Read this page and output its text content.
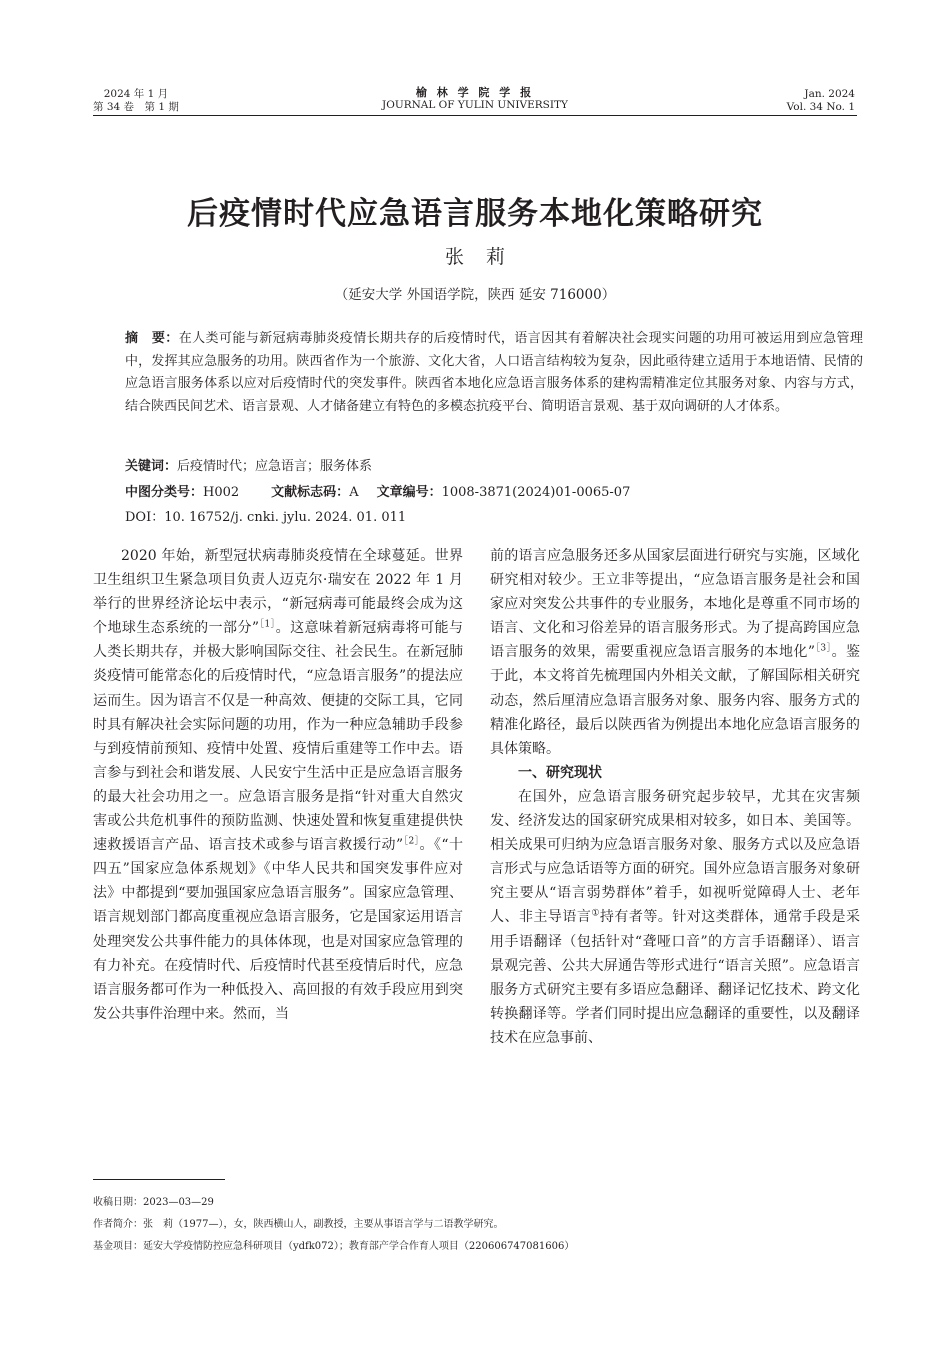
2024 年 1 月
第 34 卷　第 1 期
榆 林 学 院 学 报
JOURNAL OF YULIN UNIVERSITY
Jan. 2024
Vol. 34 No. 1
后疫情时代应急语言服务本地化策略研究
张莉
（延安大学 外国语学院，陕西 延安 716000）
摘　要：在人类可能与新冠病毒肺炎疫情长期共存的后疫情时代，语言因其有着解决社会现实问题的功用可被运用到应急管理中，发挥其应急服务的功用。陕西省作为一个旅游、文化大省，人口语言结构较为复杂，因此亟待建立适用于本地语情、民情的应急语言服务体系以应对后疫情时代的突发事件。陕西省本地化应急语言服务体系的建构需精准定位其服务对象、内容与方式，结合陕西民间艺术、语言景观、人才储备建立有特色的多模态抗疫平台、简明语言景观、基于双向调研的人才体系。
关键词：后疫情时代；应急语言；服务体系
中图分类号：H002 文献标志码：A 文章编号：1008-3871(2024)01-0065-07
DOI：10. 16752/j. cnki. jylu. 2024. 01. 011

2020 年始，新型冠状病毒肺炎疫情在全球蔓延。世界卫生组织卫生紧急项目负责人迈克尔·瑞安在 2022 年 1 月举行的世界经济论坛中表示，“新冠病毒可能最终会成为这个地球生态系统的一部分”$^{[1]}$。这意味着新冠病毒将可能与人类长期共存，并极大影响国际交往、社会民生。在新冠肺炎疫情可能常态化的后疫情时代，“应急语言服务”的提法应运而生。因为语言不仅是一种高效、便捷的交际工具，它同时具有解决社会实际问题的功用，作为一种应急辅助手段参与到疫情前预知、疫情中处置、疫情后重建等工作中去。语言参与到社会和谐发展、人民安宁生活中正是应急语言服务的最大社会功用之一。应急语言服务是指“针对重大自然灾害或公共危机事件的预防监测、快速处置和恢复重建提供快速救援语言产品、语言技术或参与语言救援行动”$^{[2]}$。《“十四五”国家应急体系规划》《中华人民共和国突发事件应对法》中都提到“要加强国家应急语言服务”。国家应急管理、语言规划部门都高度重视应急语言服务，它是国家运用语言处理突发公共事件能力的具体体现，也是对国家应急管理的有力补充。在疫情时代、后疫情时代甚至疫情后时代，应急语言服务都可作为一种低投入、高回报的有效手段应用到突发公共事件治理中来。然而，当

前的语言应急服务还多从国家层面进行研究与实施，区域化研究相对较少。王立非等提出，“应急语言服务是社会和国家应对突发公共事件的专业服务，本地化是尊重不同市场的语言、文化和习俗差异的语言服务形式。为了提高跨国应急语言服务的效果，需要重视应急语言服务的本地化”$^{[3]}$。鉴于此，本文将首先梳理国内外相关文献，了解国际相关研究动态，然后厘清应急语言服务对象、服务内容、服务方式的精准化路径，最后以陕西省为例提出本地化应急语言服务的具体策略。

一、研究现状

在国外，应急语言服务研究起步较早，尤其在灾害频发、经济发达的国家研究成果相对较多，如日本、美国等。相关成果可归纳为应急语言服务对象、服务方式以及应急语言形式与应急话语等方面的研究。国外应急语言服务对象研究主要从“语言弱势群体”着手，如视听觉障碍人士、老年人、非主导语言①持有者等。针对这类群体，通常手段是采用手语翻译（包括针对“聋哑口音”的方言手语翻译）、语言景观完善、公共大屏通告等形式进行“语言关照”。应急语言服务方式研究主要有多语应急翻译、翻译记忆技术、跨文化转换翻译等。学者们同时提出应急翻译的重要性，以及翻译技术在应急事前、

收稿日期：2023—03—29
作者简介：张　莉（1977—），女，陕西横山人，副教授，主要从事语言学与二语教学研究。
基金项目：延安大学疫情防控应急科研项目（ydfk072）；教育部产学合作育人项目（220606747081606）
